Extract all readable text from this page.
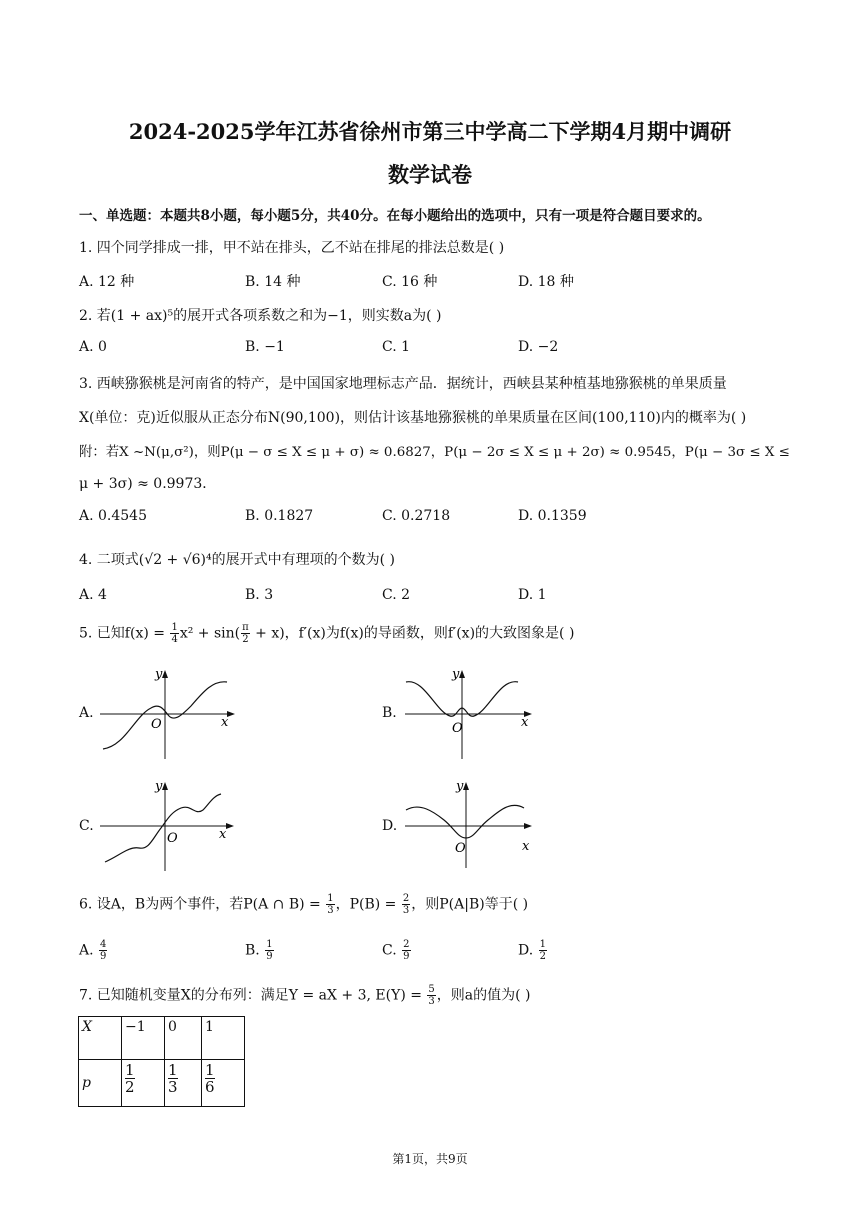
2024-2025学年江苏省徐州市第三中学高二下学期4月期中调研
数学试卷
一、单选题：本题共8小题，每小题5分，共40分。在每小题给出的选项中，只有一项是符合题目要求的。
1. 四个同学排成一排，甲不站在排头，乙不站在排尾的排法总数是( )
A. 12 种	B. 14 种	C. 16 种	D. 18 种
2. 若(1 + ax)⁵的展开式各项系数之和为−1，则实数a为( )
A. 0	B. −1	C. 1	D. −2
3. 西峡猕猴桃是河南省的特产，是中国国家地理标志产品．据统计，西峡县某种植基地猕猴桃的单果质量
X(单位：克)近似服从正态分布N(90,100)，则估计该基地猕猴桃的单果质量在区间(100,110)内的概率为( )
附：若X ~N(μ,σ²)，则P(μ − σ ≤ X ≤ μ + σ) ≈ 0.6827，P(μ − 2σ ≤ X ≤ μ + 2σ) ≈ 0.9545，P(μ − 3σ ≤ X ≤
μ + 3σ) ≈ 0.9973．
A. 0.4545	B. 0.1827	C. 0.2718	D. 0.1359
4. 二项式(√2 + √6)⁴的展开式中有理项的个数为( )
A. 4	B. 3	C. 2	D. 1
5. 已知$f(x) = \frac{1}{4} x^2 + \sin( \frac{\pi}{2} + x)$，f′(x)为f(x)的导函数，则f′(x)的大致图象是( )
A.
y
x
O
B.
y
x
O
C.
y
x
O
D.
y
x
O
6. 设A，B为两个事件，若P(A ∩ $B) = \frac{1}{3}$ ，$P(B) = \frac{2}{3}$ ，则P(A|B)等于( )
A. $\frac{4}{9}$	B. $\frac{1}{9}$	C. $\frac{2}{9}$	D. $\frac{1}{2}$
7. 已知随机变量X的分布列：满足Y = aX + 3, $E(Y) = \frac{5}{3}$ ，则a的值为( )
X	−1	0	1
p	$\frac{1}{2}$	$\frac{1}{3}$	$\frac{1}{6}$
第1页，共9页
